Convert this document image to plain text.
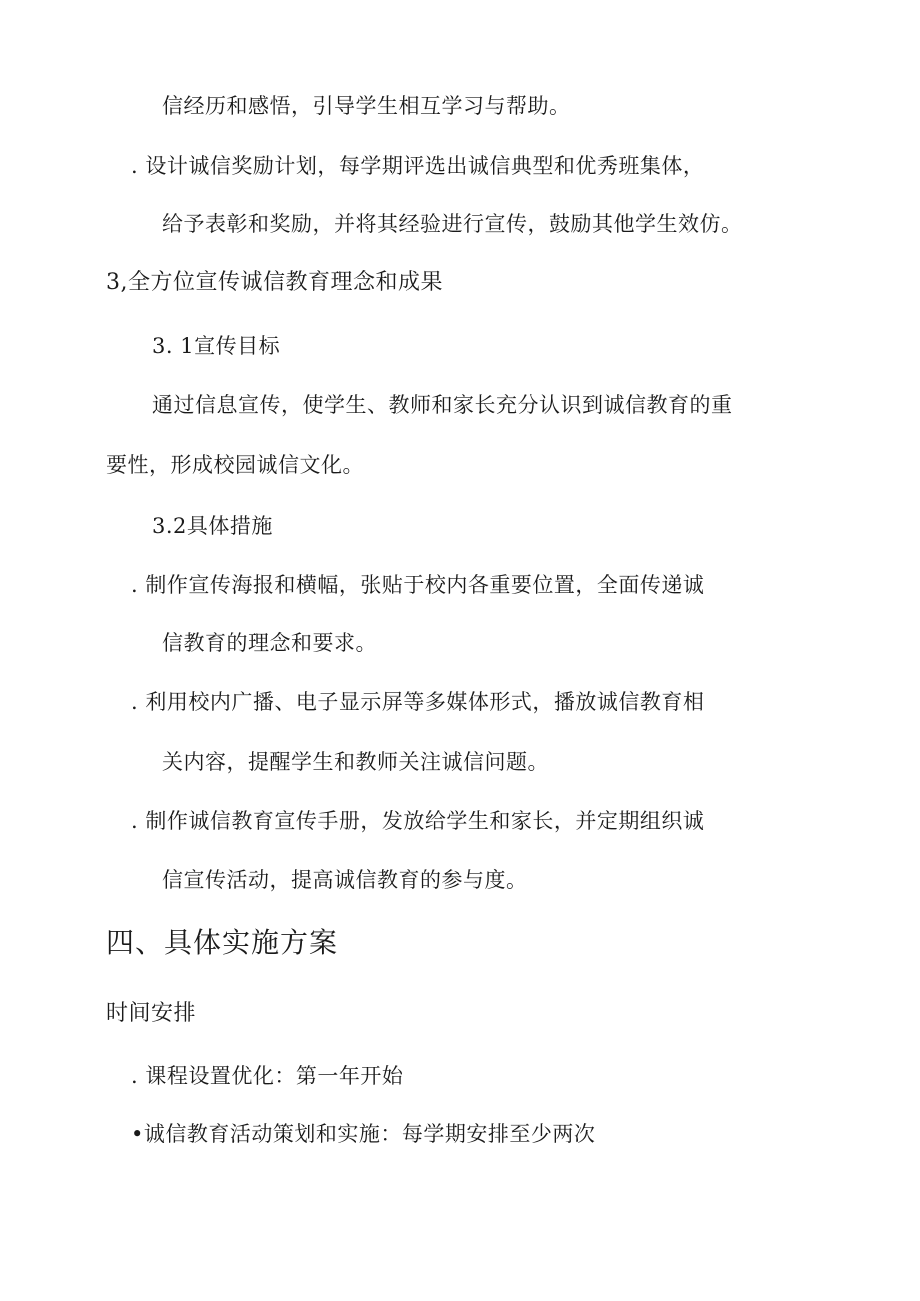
信经历和感悟，引导学生相互学习与帮助。
. 设计诚信奖励计划，每学期评选出诚信典型和优秀班集体，
给予表彰和奖励，并将其经验进行宣传，鼓励其他学生效仿。
3,全方位宣传诚信教育理念和成果
3. 1宣传目标
通过信息宣传，使学生、教师和家长充分认识到诚信教育的重
要性，形成校园诚信文化。
3.2具体措施
. 制作宣传海报和横幅，张贴于校内各重要位置，全面传递诚
信教育的理念和要求。
. 利用校内广播、电子显示屏等多媒体形式，播放诚信教育相
关内容，提醒学生和教师关注诚信问题。
. 制作诚信教育宣传手册，发放给学生和家长，并定期组织诚
信宣传活动，提高诚信教育的参与度。
四、具体实施方案
时间安排
. 课程设置优化：第一年开始
•诚信教育活动策划和实施：每学期安排至少两次
